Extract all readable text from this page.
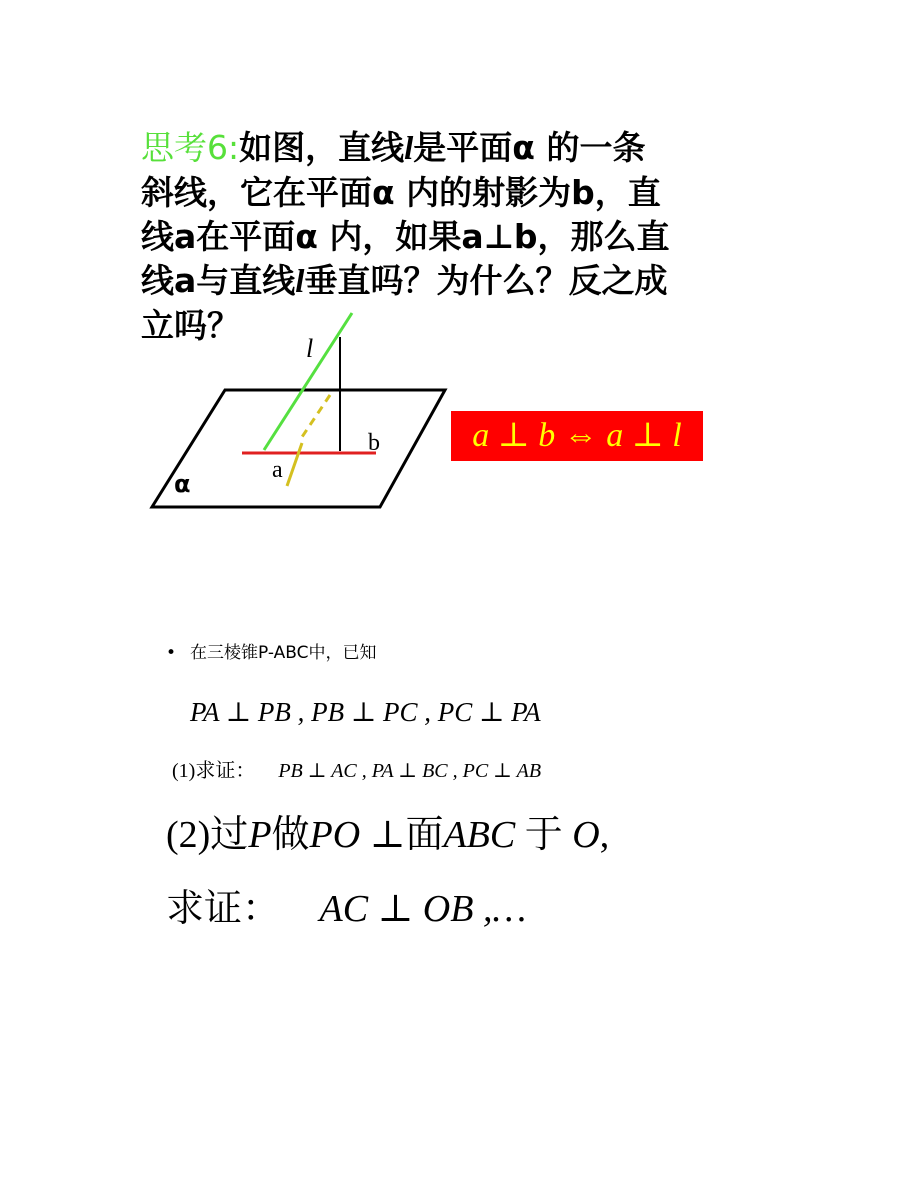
思考6:如图，直线l是平面α 的一条
斜线，它在平面α 内的射影为b，直
线a在平面α 内，如果a⊥b，那么直
线a与直线l垂直吗？为什么？反之成
立吗？
l
b
a
α
a ⊥ b ⇔ a ⊥ l
• 在三棱锥P-ABC中，已知
PA ⊥ PB , PB ⊥ PC , PC ⊥ PA
(1)求证： PB ⊥ AC , PA ⊥ BC , PC ⊥ AB
(2)过P做PO ⊥面ABC 于 O,
求证： AC ⊥ OB ,…
